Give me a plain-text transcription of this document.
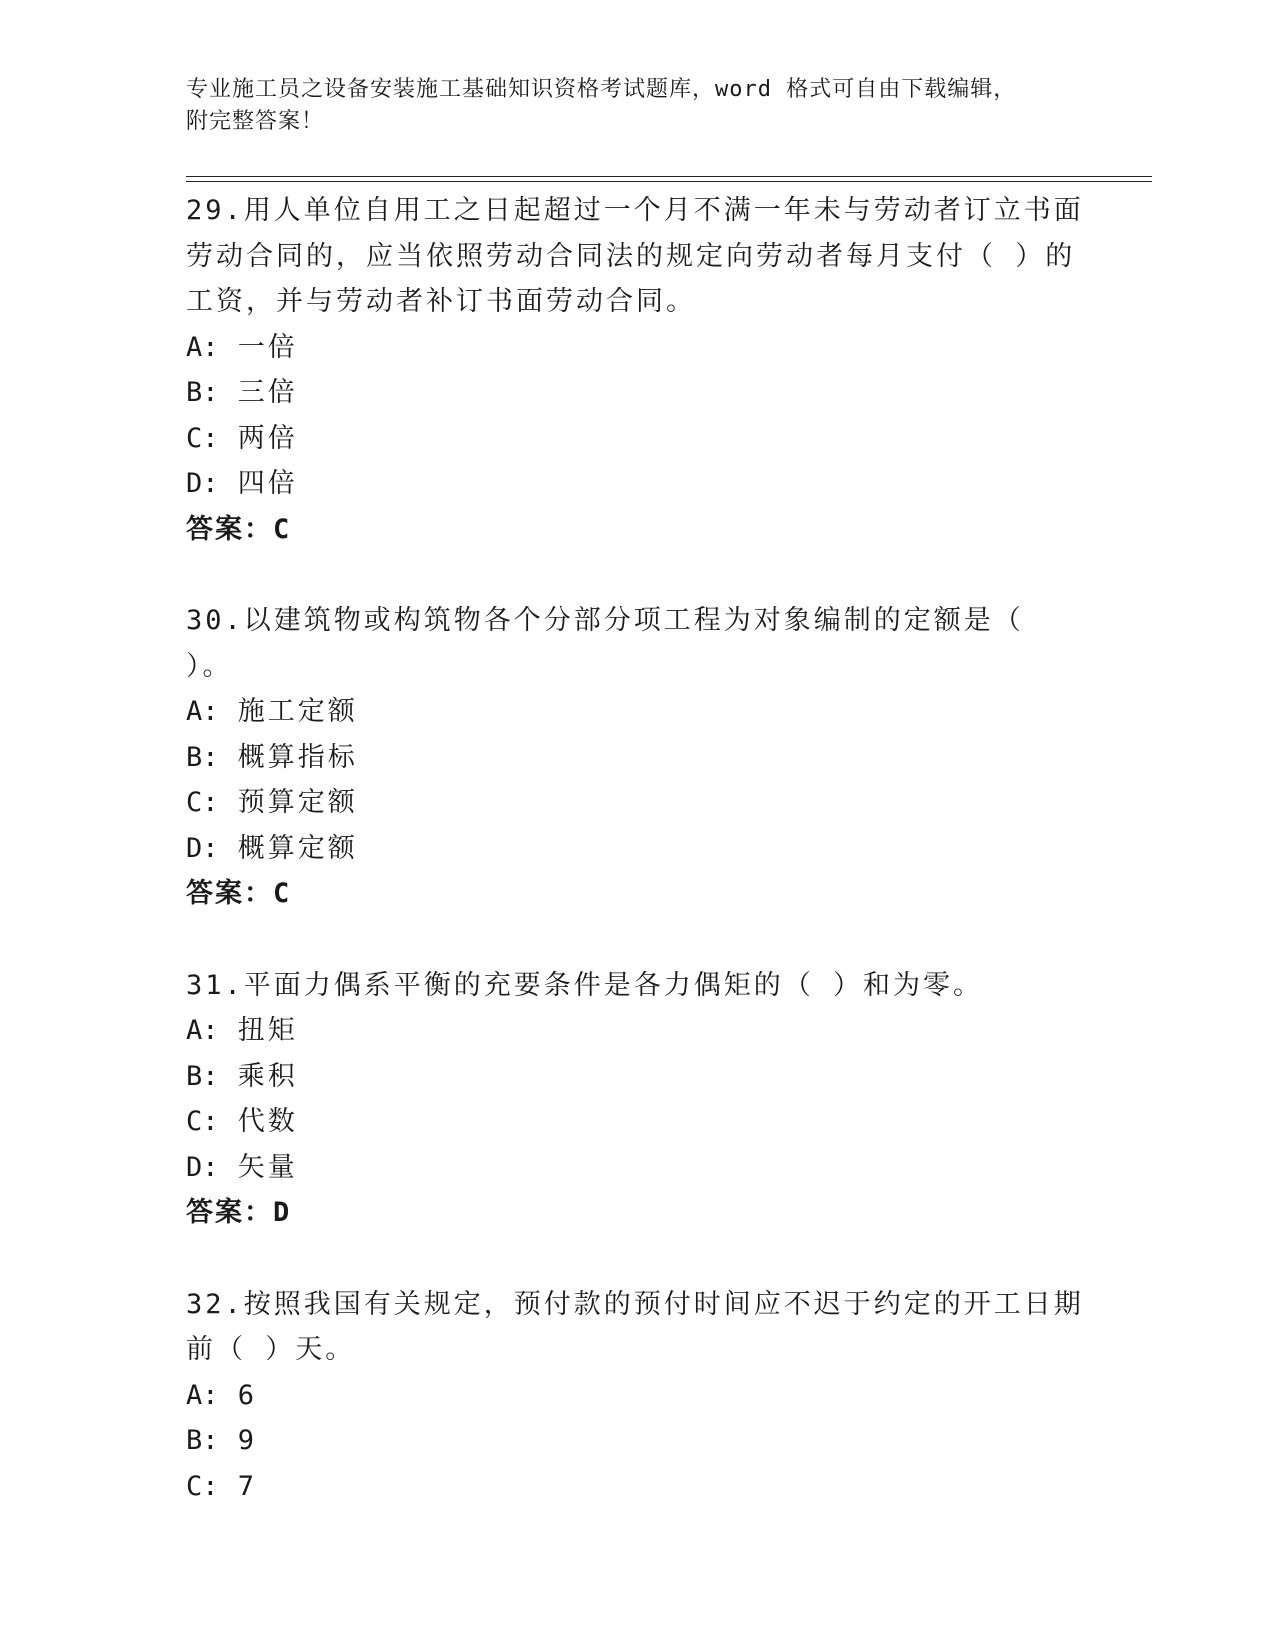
专业施工员之设备安装施工基础知识资格考试题库，word 格式可自由下载编辑，
附完整答案！
29.用人单位自用工之日起超过一个月不满一年未与劳动者订立书面劳动合同的，应当依照劳动合同法的规定向劳动者每月支付（ ）的工资，并与劳动者补订书面劳动合同。
A: 一倍
B: 三倍
C: 两倍
D: 四倍
答案：C
30.以建筑物或构筑物各个分部分项工程为对象编制的定额是（ ）。
A: 施工定额
B: 概算指标
C: 预算定额
D: 概算定额
答案：C
31.平面力偶系平衡的充要条件是各力偶矩的（ ）和为零。
A: 扭矩
B: 乘积
C: 代数
D: 矢量
答案：D
32.按照我国有关规定，预付款的预付时间应不迟于约定的开工日期前（ ）天。
A: 6
B: 9
C: 7
